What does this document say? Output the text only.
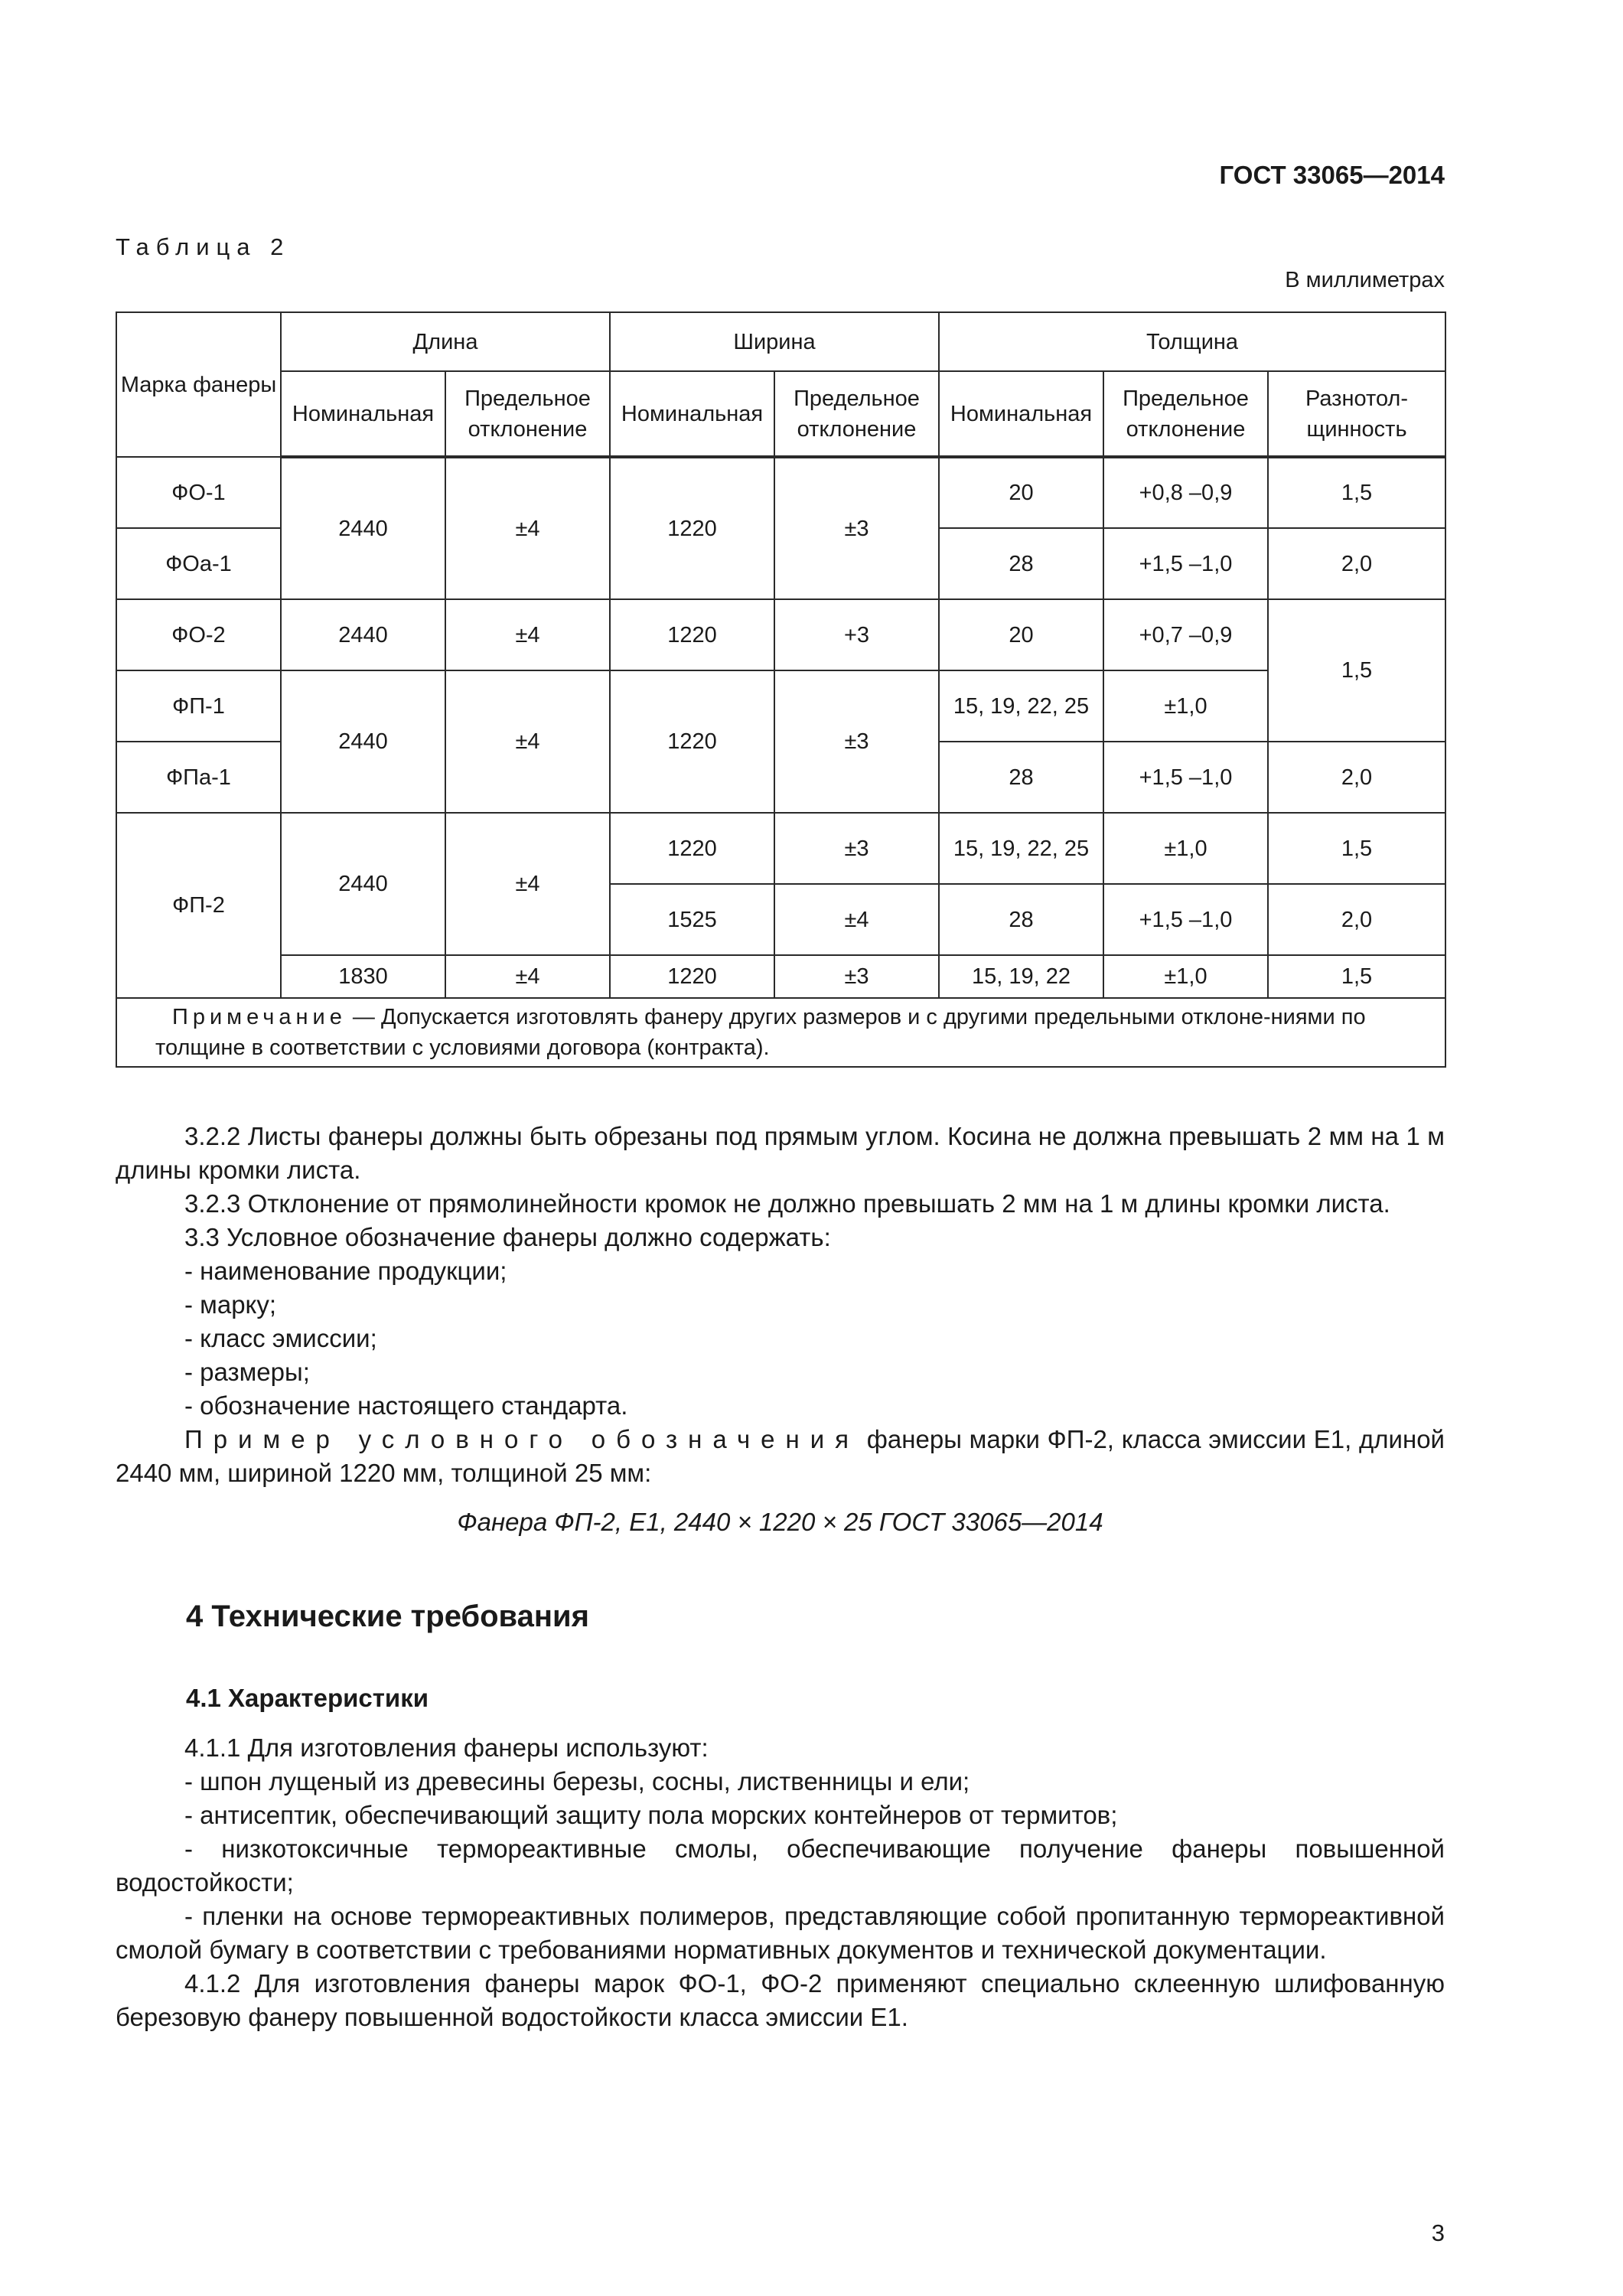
ГОСТ 33065—2014
Таблица 2
В миллиметрах
Марка фанеры	Длина		Ширина		Толщина		
	Номинальная	Предельное отклонение	Номинальная	Предельное отклонение	Номинальная	Предельное отклонение	Разнотол- щинность
ФО-1	2440	±4	1220	±3	20	+0,8 –0,9	1,5
ФОа-1					28	+1,5 –1,0	2,0
ФО-2	2440	±4	1220	+3	20	+0,7 –0,9	1,5
ФП-1	2440	±4	1220	±3	15, 19, 22, 25	±1,0	
ФПа-1					28	+1,5 –1,0	2,0
ФП-2	2440	±4	1220	±3	15, 19, 22, 25	±1,0	1,5
			1525	±4	28	+1,5 –1,0	2,0
	1830	±4	1220	±3	15, 19, 22	±1,0	1,5
Примечание — Допускается изготовлять фанеру других размеров и с другими предельными отклоне-ниями по толщине в соответствии с условиями договора (контракта).							

3.2.2 Листы фанеры должны быть обрезаны под прямым углом. Косина не должна превышать 2 мм на 1 м длины кромки листа.

3.2.3 Отклонение от прямолинейности кромок не должно превышать 2 мм на 1 м длины кромки листа.

3.3 Условное обозначение фанеры должно содержать:

- наименование продукции;

- марку;

- класс эмиссии;

- размеры;

- обозначение настоящего стандарта.

Пример условного обозначения фанеры марки ФП-2, класса эмиссии Е1, длиной 2440 мм, шириной 1220 мм, толщиной 25 мм:

Фанера ФП-2, Е1, 2440 × 1220 × 25 ГОСТ 33065—2014

4 Технические требования
4.1 Характеристики

4.1.1 Для изготовления фанеры используют:

- шпон лущеный из древесины березы, сосны, лиственницы и ели;

- антисептик, обеспечивающий защиту пола морских контейнеров от термитов;

- низкотоксичные термореактивные смолы, обеспечивающие получение фанеры повышенной водостойкости;

- пленки на основе термореактивных полимеров, представляющие собой пропитанную термореактивной смолой бумагу в соответствии с требованиями нормативных документов и технической документации.

4.1.2 Для изготовления фанеры марок ФО-1, ФО-2 применяют специально склеенную шлифованную березовую фанеру повышенной водостойкости класса эмиссии Е1.

3
